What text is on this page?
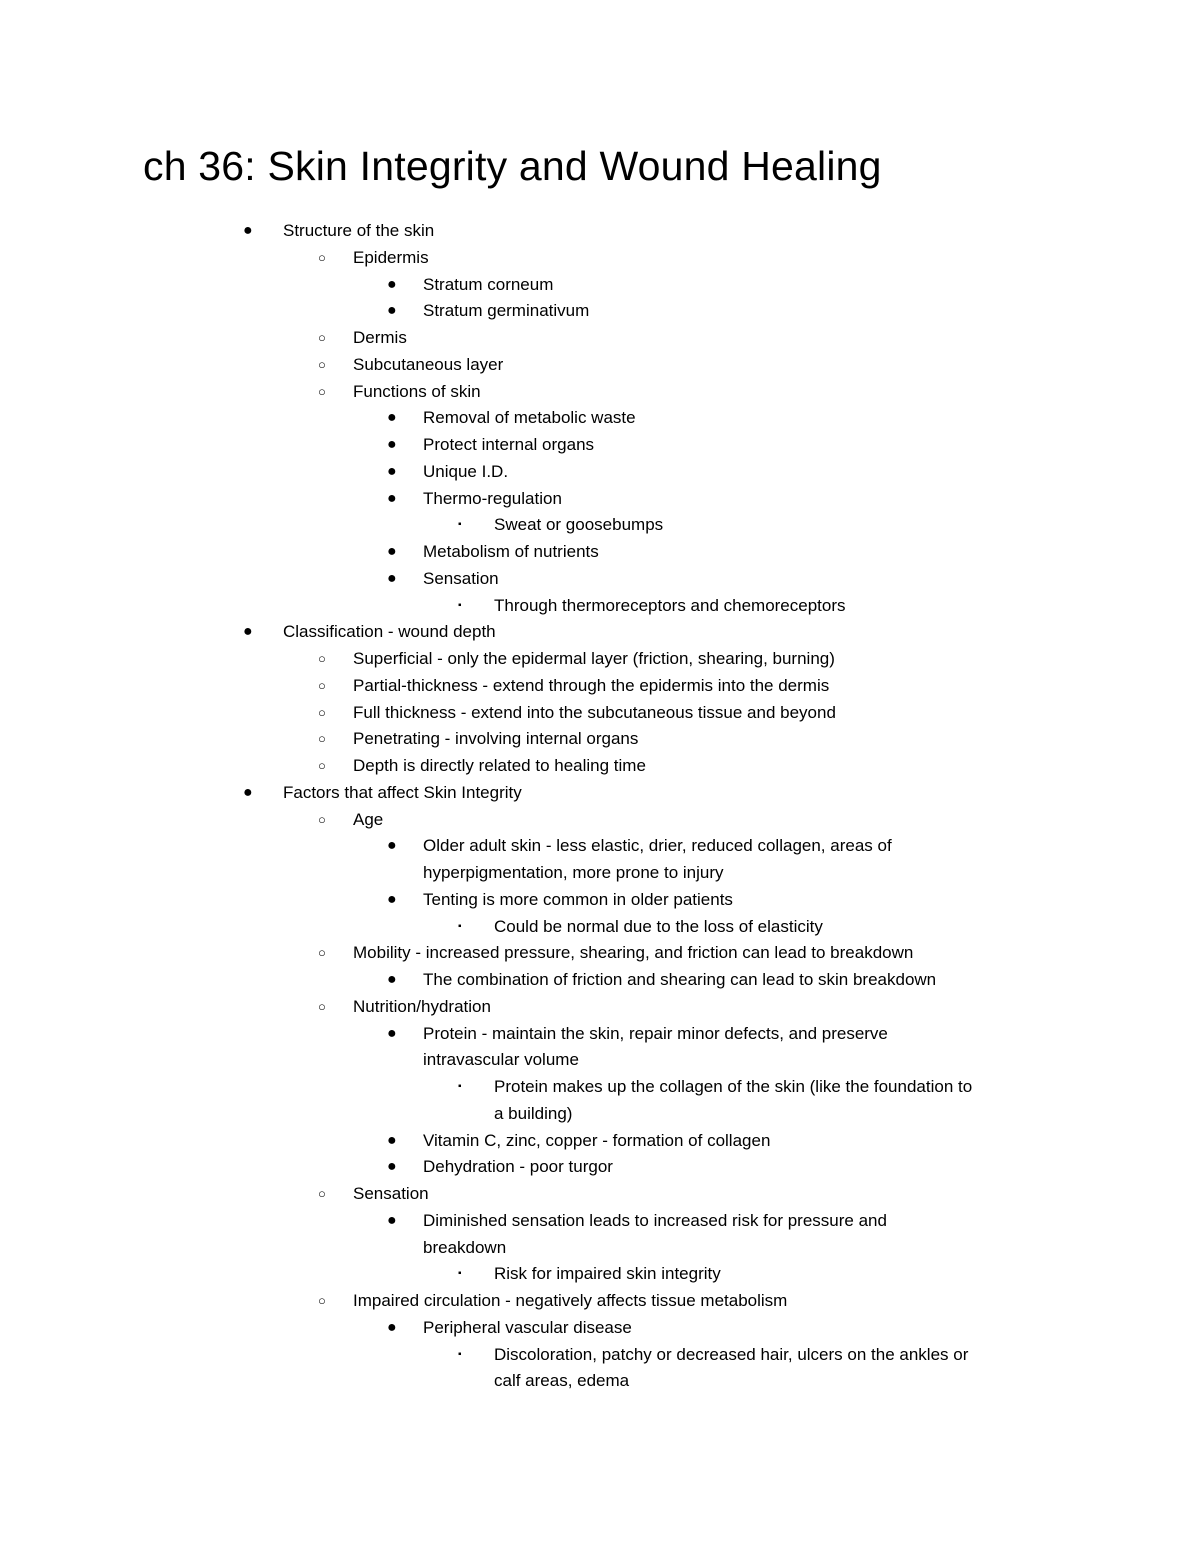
ch 36: Skin Integrity and Wound Healing
● Structure of the skin
○ Epidermis
● Stratum corneum
● Stratum germinativum
○ Dermis
○ Subcutaneous layer
○ Functions of skin
● Removal of metabolic waste
● Protect internal organs
● Unique I.D.
● Thermo-regulation
▪ Sweat or goosebumps
● Metabolism of nutrients
● Sensation
▪ Through thermoreceptors and chemoreceptors
● Classification - wound depth
○ Superficial - only the epidermal layer (friction, shearing, burning)
○ Partial-thickness - extend through the epidermis into the dermis
○ Full thickness - extend into the subcutaneous tissue and beyond
○ Penetrating - involving internal organs
○ Depth is directly related to healing time
● Factors that affect Skin Integrity
○ Age
● Older adult skin - less elastic, drier, reduced collagen, areas of
hyperpigmentation, more prone to injury
● Tenting is more common in older patients
▪ Could be normal due to the loss of elasticity
○ Mobility - increased pressure, shearing, and friction can lead to breakdown
● The combination of friction and shearing can lead to skin breakdown
○ Nutrition/hydration
● Protein - maintain the skin, repair minor defects, and preserve
intravascular volume
▪ Protein makes up the collagen of the skin (like the foundation to
a building)
● Vitamin C, zinc, copper - formation of collagen
● Dehydration - poor turgor
○ Sensation
● Diminished sensation leads to increased risk for pressure and
breakdown
▪ Risk for impaired skin integrity
○ Impaired circulation - negatively affects tissue metabolism
● Peripheral vascular disease
▪ Discoloration, patchy or decreased hair, ulcers on the ankles or
calf areas, edema
